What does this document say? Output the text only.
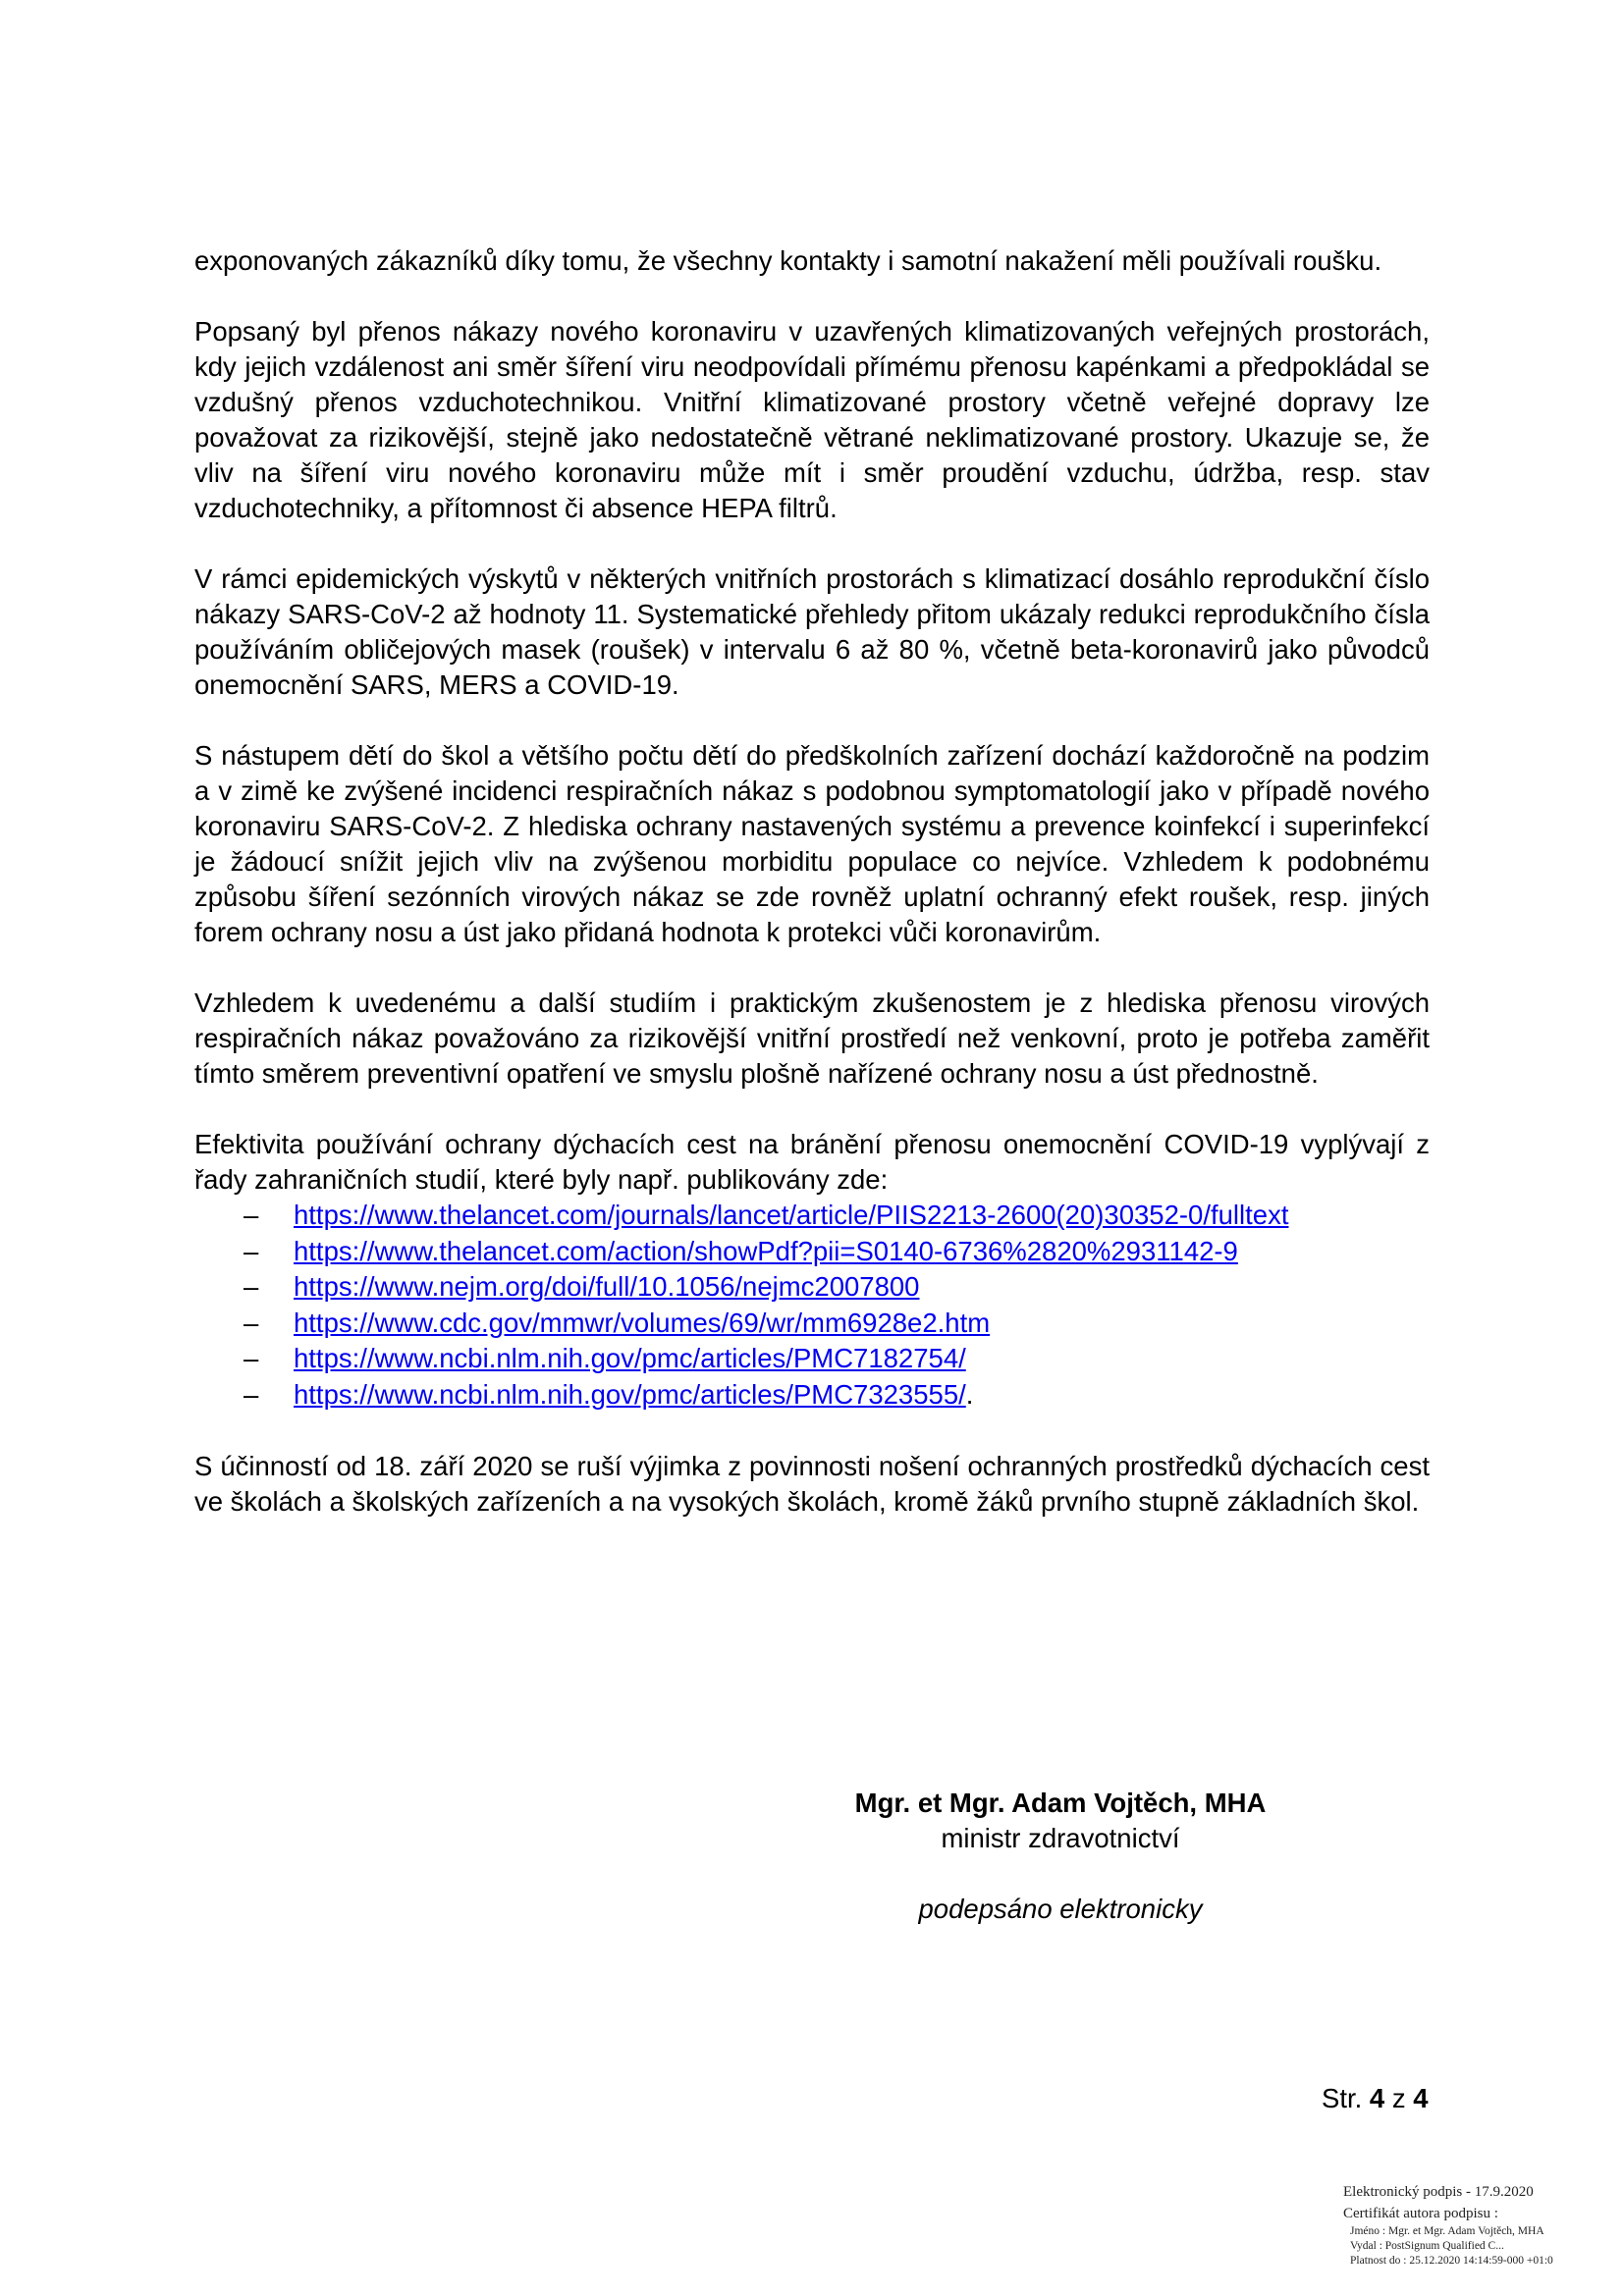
exponovaných zákazníků díky tomu, že všechny kontakty i samotní nakažení měli používali roušku.

Popsaný byl přenos nákazy nového koronaviru v uzavřených klimatizovaných veřejných prostorách, kdy jejich vzdálenost ani směr šíření viru neodpovídali přímému přenosu kapénkami a předpokládal se vzdušný přenos vzduchotechnikou. Vnitřní klimatizované prostory včetně veřejné dopravy lze považovat za rizikovější, stejně jako nedostatečně větrané neklimatizované prostory. Ukazuje se, že vliv na šíření viru nového koronaviru může mít i směr proudění vzduchu, údržba, resp. stav vzduchotechniky, a přítomnost či absence HEPA filtrů.

V rámci epidemických výskytů v některých vnitřních prostorách s klimatizací dosáhlo reprodukční číslo nákazy SARS-CoV-2 až hodnoty 11. Systematické přehledy přitom ukázaly redukci reprodukčního čísla používáním obličejových masek (roušek) v intervalu 6 až 80 %, včetně beta-koronavirů jako původců onemocnění SARS, MERS a COVID-19.

S nástupem dětí do škol a většího počtu dětí do předškolních zařízení dochází každoročně na podzim a v zimě ke zvýšené incidenci respiračních nákaz s podobnou symptomatologií jako v případě nového koronaviru SARS-CoV-2. Z hlediska ochrany nastavených systému a prevence koinfekcí i superinfekcí je žádoucí snížit jejich vliv na zvýšenou morbiditu populace co nejvíce. Vzhledem k podobnému způsobu šíření sezónních virových nákaz se zde rovněž uplatní ochranný efekt roušek, resp. jiných forem ochrany nosu a úst jako přidaná hodnota k protekci vůči koronavirům.

Vzhledem k uvedenému a další studiím i praktickým zkušenostem je z hlediska přenosu virových respiračních nákaz považováno za rizikovější vnitřní prostředí než venkovní, proto je potřeba zaměřit tímto směrem preventivní opatření ve smyslu plošně nařízené ochrany nosu a úst přednostně.

Efektivita používání ochrany dýchacích cest na bránění přenosu onemocnění COVID-19 vyplývají z řady zahraničních studií, které byly např. publikovány zde:

– https://www.thelancet.com/journals/lancet/article/PIIS2213-2600(20)30352-0/fulltext
– https://www.thelancet.com/action/showPdf?pii=S0140-6736%2820%2931142-9
– https://www.nejm.org/doi/full/10.1056/nejmc2007800
– https://www.cdc.gov/mmwr/volumes/69/wr/mm6928e2.htm
– https://www.ncbi.nlm.nih.gov/pmc/articles/PMC7182754/
– https://www.ncbi.nlm.nih.gov/pmc/articles/PMC7323555/.

S účinností od 18. září 2020 se ruší výjimka z povinnosti nošení ochranných prostředků dýchacích cest ve školách a školských zařízeních a na vysokých školách, kromě žáků prvního stupně základních škol.

Mgr. et Mgr. Adam Vojtěch, MHA
ministr zdravotnictví
podepsáno elektronicky
Str. 4 z 4
Elektronický podpis - 17.9.2020
Certifikát autora podpisu :
Jméno : Mgr. et Mgr. Adam Vojtěch, MHA
Vydal : PostSignum Qualified C...
Platnost do : 25.12.2020 14:14:59-000 +01:0
